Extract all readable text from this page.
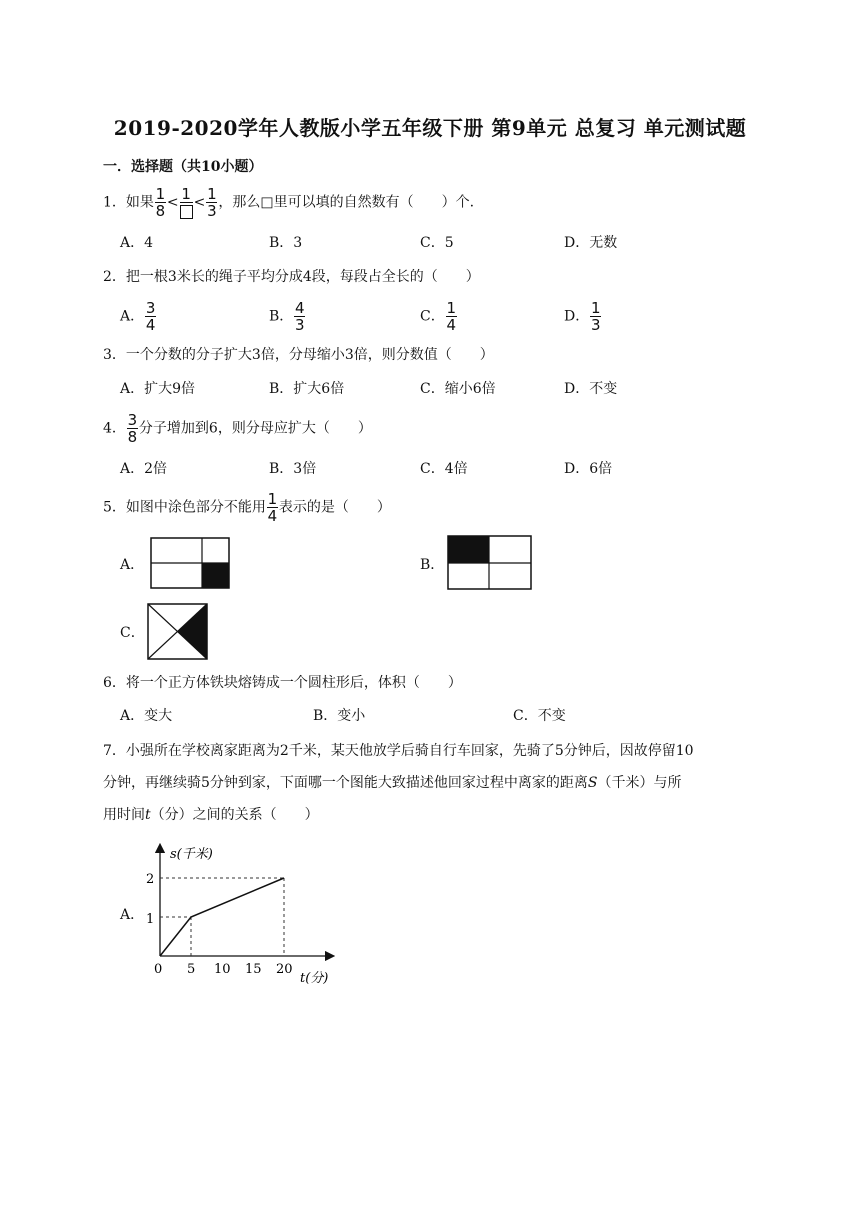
2019-2020学年人教版小学五年级下册 第9单元 总复习 单元测试题
一．选择题（共10小题）
1．如果 $\frac{1}{8} < 1 < \frac{1}{3}$ ，那么□里可以填的自然数有（　　）个.
A．4	B．3	C．5	D．无数
2．把一根3米长的绳子平均分成4段，每段占全长的（　　）
A． $\frac{3}{4}$	B． $\frac{4}{3}$	C． $\frac{1}{4}$	D． $\frac{1}{3}$
3．一个分数的分子扩大3倍，分母缩小3倍，则分数值（　　）
A．扩大9倍	B．扩大6倍	C．缩小6倍	D．不变
4． $\frac{3}{8}$ 分子增加到6，则分母应扩大（　　）
A．2倍	B．3倍	C．4倍	D．6倍
5．如图中涂色部分不能用 $\frac{1}{4}$ 表示的是（　　）
A．	B．
C．
6．将一个正方体铁块熔铸成一个圆柱形后，体积（　　）
A．变大	B．变小	C．不变
7．小强所在学校离家距离为2千米，某天他放学后骑自行车回家，先骑了5分钟后，因故停留10
分钟，再继续骑5分钟到家，下面哪一个图能大致描述他回家过程中离家的距离S（千米）与所
用时间t（分）之间的关系（　　）
A．
s(千米)
t(分)
0 5 10 15 20
1
2
